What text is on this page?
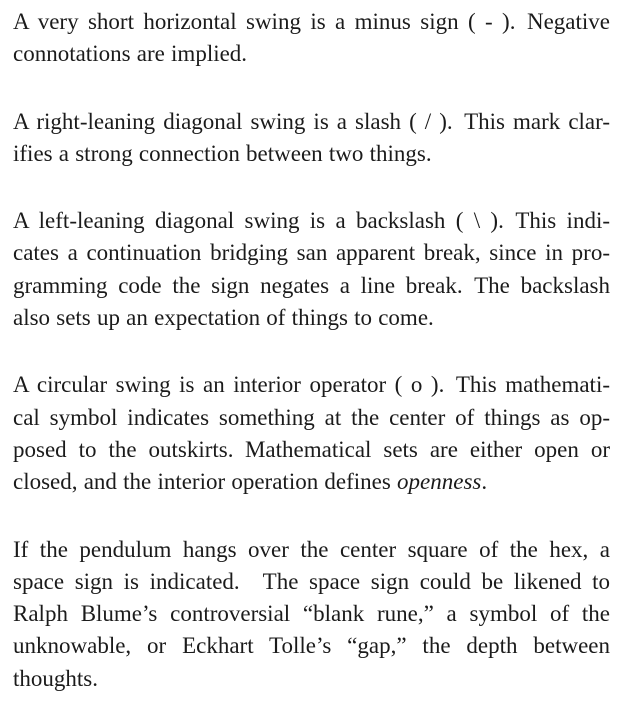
A very short horizontal swing is a minus sign ( - ). Negative
connotations are implied.
A right-leaning diagonal swing is a slash ( / ). This mark clar-
ifies a strong connection between two things.
A left-leaning diagonal swing is a backslash ( \ ). This indi-
cates a continuation bridging san apparent break, since in pro-
gramming code the sign negates a line break. The backslash
also sets up an expectation of things to come.
A circular swing is an interior operator ( o ). This mathemati-
cal symbol indicates something at the center of things as op-
posed to the outskirts. Mathematical sets are either open or
closed, and the interior operation defines openness.
If the pendulum hangs over the center square of the hex, a
space sign is indicated.  The space sign could be likened to
Ralph Blume’s controversial “blank rune,” a symbol of the
unknowable, or Eckhart Tolle’s “gap,” the depth between
thoughts.
